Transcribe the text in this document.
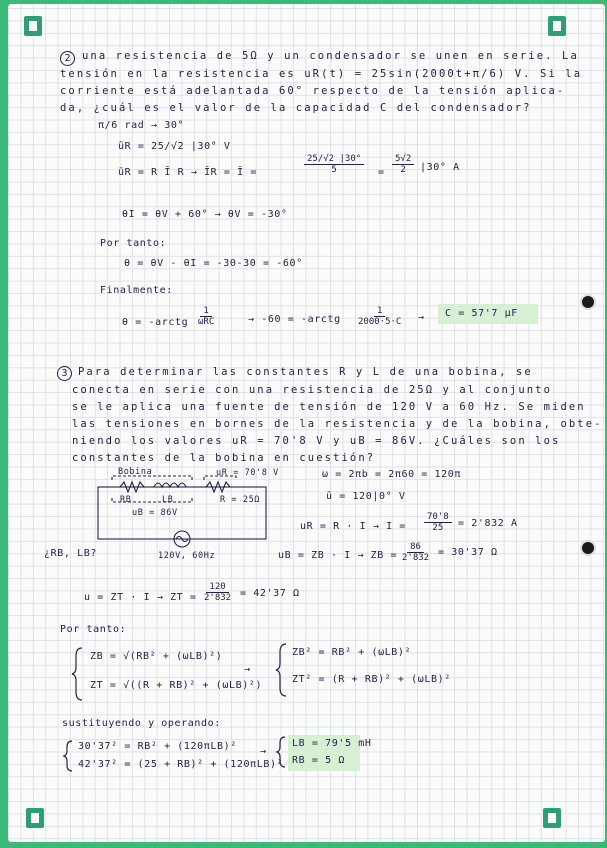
2	una resistencia de 5Ω y un condensador se unen en serie. La
tensión en la resistencia es uR(t) = 25sin(2000t+π/6) V. Si la
corriente está adelantada 60° respecto de la tensión aplica-
da, ¿cuál es el valor de la capacidad C del condensador?
π/6 rad → 30°
ūR = 25/√2 |30° V
ūR = R Ī R → ĪR = Ī =	$\frac{25/√2 |30^\circ}{5} = \frac{5√2}{2} |30^\circ$ A
θI = θV + 60° → θV = -30°
Por tanto:
θ = θV - θI = -30-30 = -60°
Finalmente:
θ = -arctg
1
ωRC	→ -60 = -arctg $\frac{1}{2000\cdot 5\cdot C} \to C = 57'7$ μF
3 Para determinar las constantes R y L de una bobina, se
conecta en serie con una resistencia de 25Ω y al conjunto
se le aplica una fuente de tensión de 120 V a 60 Hz. Se miden
las tensiones en bornes de la resistencia y de la bobina, obte-
niendo los valores uR = 70'8 V y uB = 86V. ¿Cuáles son los
constantes de la bobina en cuestión?
Bobina	uR = 70'8 V
R = 25Ω
RB	LB
uB = 86V
120V, 60Hz
¿RB, LB?
ω = 2πb = 2π60 = 120π
ū = 120|0° V
uR = $R \cdot I \to I = \frac{70'8}{25} = 2'832$ A
uB = ZB · I → ZB = $\frac{86}{2'832} = 30'37$ Ω
u = ZT · I → ZT = $\frac{120}{2'832} = 42'37$ Ω
Por tanto:
ZB = √(RB² + (ωLB)²)
ZT = √((R + RB)² + (ωLB)²)
→
ZB² = RB² + (ωLB)²
ZT² = (R + RB)² + (ωLB)²
sustituyendo y operando:
30'37² = RB² + (120πLB)²
42'37² = (25 + RB)² + (120πLB)²
→
LB = 79'5 mH
RB = 5 Ω
